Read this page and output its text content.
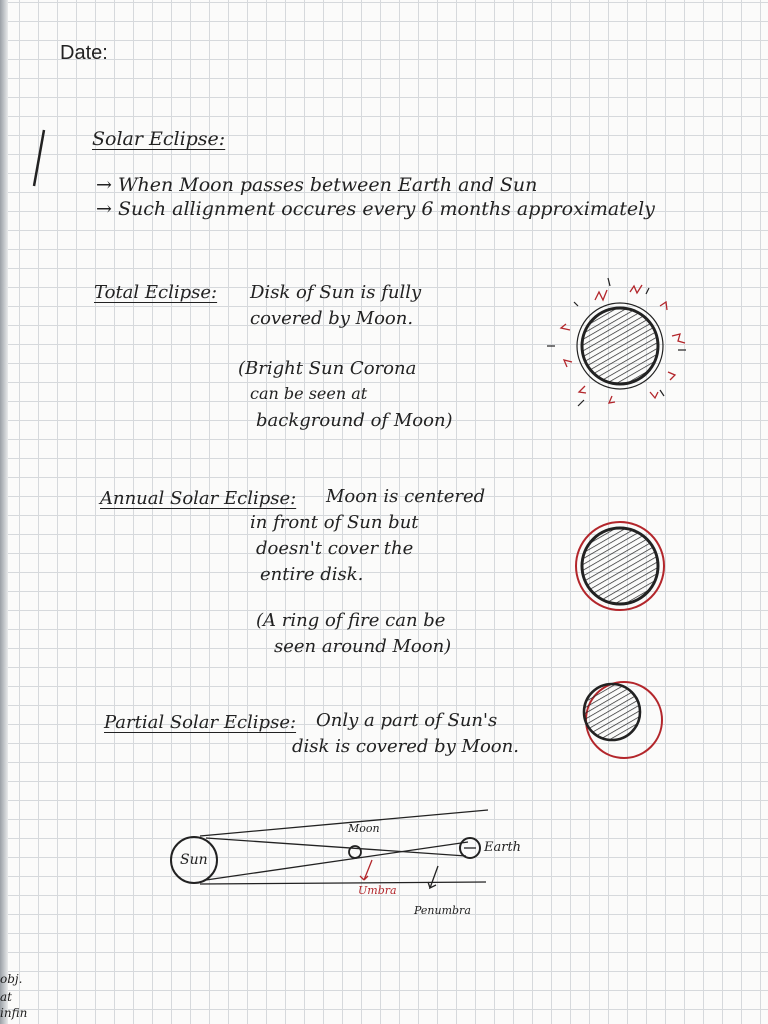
Date:
Solar Eclipse:
→ When Moon passes between Earth and Sun
→ Such allignment occures every 6 months approximately
Total Eclipse: Disk of Sun is fully
covered by Moon.
(Bright Sun Corona
can be seen at
background of Moon)
Annual Solar Eclipse: Moon is centered
in front of Sun but
doesn't cover the
entire disk.
(A ring of fire can be
seen around Moon)
Partial Solar Eclipse: Only a part of Sun's
disk is covered by Moon.
Sun
Moon
Earth
Umbra
Penumbra
obj.
at
infin
